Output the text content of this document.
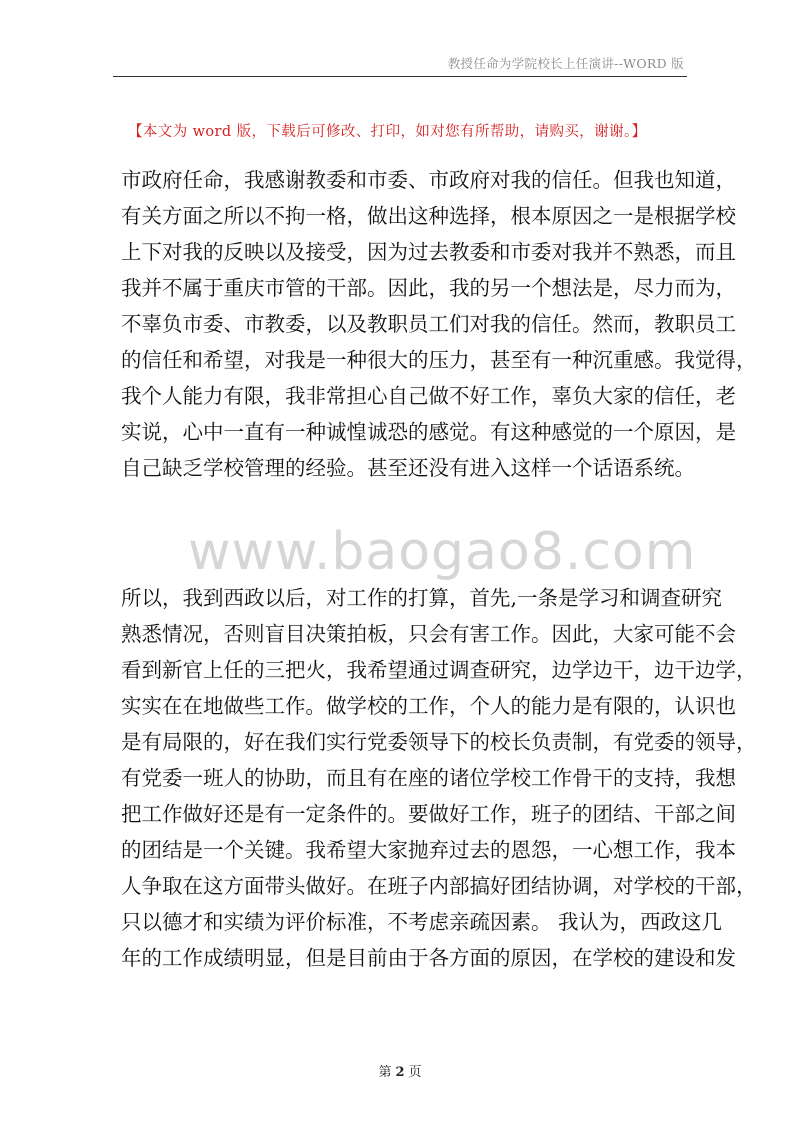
教授任命为学院校长上任演讲--WORD 版
【本文为 word 版，下载后可修改、打印，如对您有所帮助，请购买，谢谢。】
www.baogao8.com

市政府任命，我感谢教委和市委、市政府对我的信任。但我也知道，
有关方面之所以不拘一格，做出这种选择，根本原因之一是根据学校
上下对我的反映以及接受，因为过去教委和市委对我并不熟悉，而且
我并不属于重庆市管的干部。因此，我的另一个想法是，尽力而为，
不辜负市委、市教委，以及教职员工们对我的信任。然而，教职员工
的信任和希望，对我是一种很大的压力，甚至有一种沉重感。我觉得，
我个人能力有限，我非常担心自己做不好工作，辜负大家的信任，老
实说，心中一直有一种诚惶诚恐的感觉。有这种感觉的一个原因，是
自己缺乏学校管理的经验。甚至还没有进入这样一个话语系统。

所以，我到西政以后，对工作的打算，首先,一条是学习和调查研究
熟悉情况，否则盲目决策拍板，只会有害工作。因此，大家可能不会
看到新官上任的三把火，我希望通过调查研究，边学边干，边干边学，
实实在在地做些工作。做学校的工作，个人的能力是有限的，认识也
是有局限的，好在我们实行党委领导下的校长负责制，有党委的领导，
有党委一班人的协助，而且有在座的诸位学校工作骨干的支持，我想
把工作做好还是有一定条件的。要做好工作，班子的团结、干部之间
的团结是一个关键。我希望大家抛弃过去的恩怨，一心想工作，我本
人争取在这方面带头做好。在班子内部搞好团结协调，对学校的干部，
只以德才和实绩为评价标准，不考虑亲疏因素。 我认为，西政这几
年的工作成绩明显，但是目前由于各方面的原因，在学校的建设和发

第 2 页
